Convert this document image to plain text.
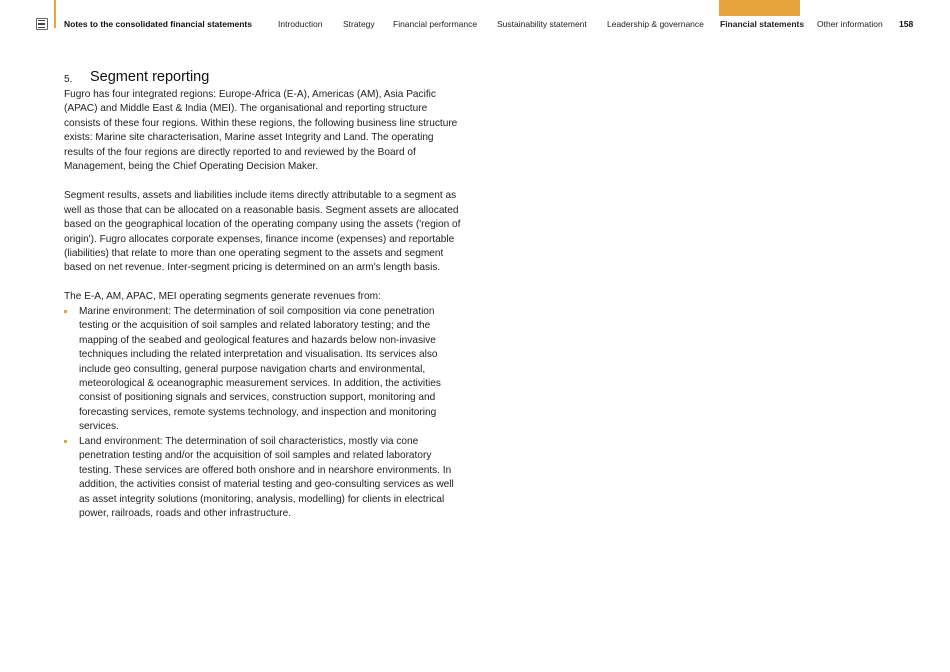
Notes to the consolidated financial statements	Introduction Strategy Financial performance Sustainability statement Leadership & governance Financial statements Other information 158
5. Segment reporting

Fugro has four integrated regions: Europe-Africa (E-A), Americas (AM), Asia Pacific (APAC) and Middle East & India (MEI). The organisational and reporting structure consists of these four regions. Within these regions, the following business line structure exists: Marine site characterisation, Marine asset Integrity and Land. The operating results of the four regions are directly reported to and reviewed by the Board of Management, being the Chief Operating Decision Maker.

Segment results, assets and liabilities include items directly attributable to a segment as well as those that can be allocated on a reasonable basis. Segment assets are allocated based on the geographical location of the operating company using the assets ('region of origin'). Fugro allocates corporate expenses, finance income (expenses) and reportable (liabilities) that relate to more than one operating segment to the assets and segment based on net revenue. Inter-segment pricing is determined on an arm's length basis.

The E-A, AM, APAC, MEI operating segments generate revenues from:

Marine environment: The determination of soil composition via cone penetration testing or the acquisition of soil samples and related laboratory testing; and the mapping of the seabed and geological features and hazards below non-invasive techniques including the related interpretation and visualisation. Its services also include geo consulting, general purpose navigation charts and environmental, meteorological & oceanographic measurement services. In addition, the activities consist of positioning signals and services, construction support, monitoring and forecasting services, remote systems technology, and inspection and monitoring services.
Land environment: The determination of soil characteristics, mostly via cone penetration testing and/or the acquisition of soil samples and related laboratory testing. These services are offered both onshore and in nearshore environments. In addition, the activities consist of material testing and geo-consulting services as well as asset integrity solutions (monitoring, analysis, modelling) for clients in electrical power, railroads, roads and other infrastructure.
